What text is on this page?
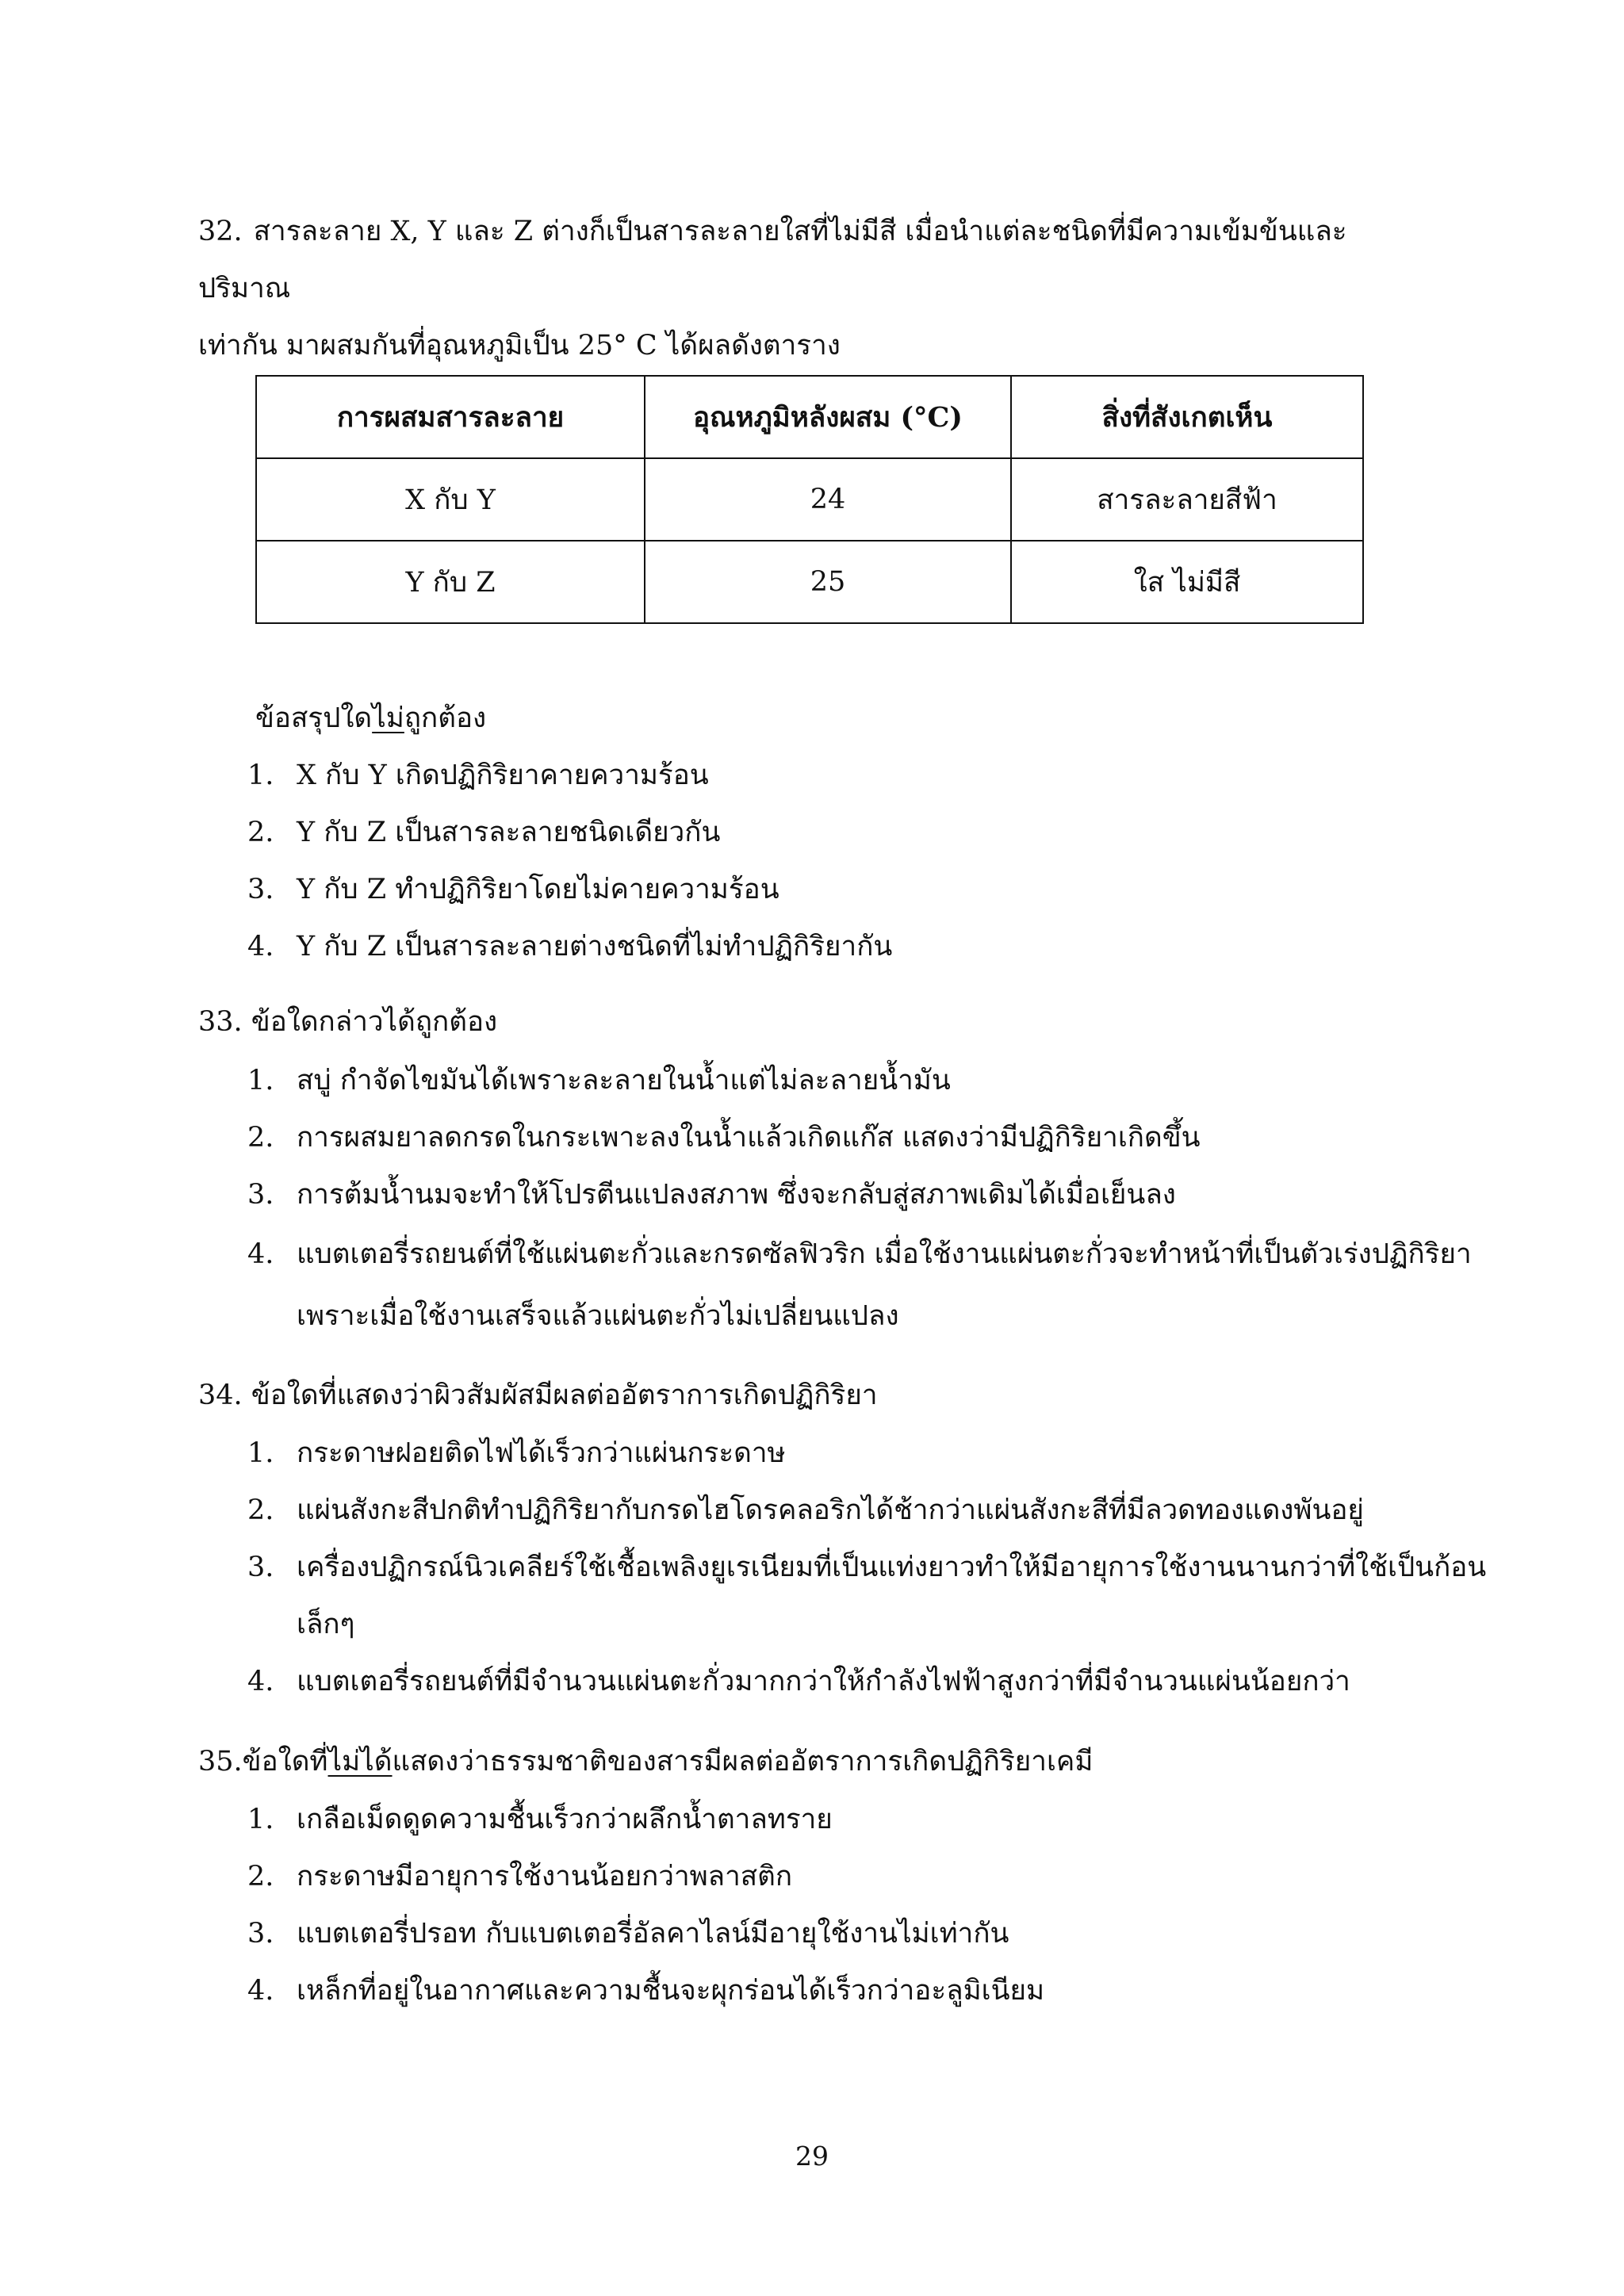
32. สารละลาย X, Y และ Z ต่างก็เป็นสารละลายใสที่ไม่มีสี เมื่อนำแต่ละชนิดที่มีความเข้มข้นและปริมาณ
เท่ากัน มาผสมกันที่อุณหภูมิเป็น 25° C ได้ผลดังตาราง
การผสมสารละลาย	อุณหภูมิหลังผสม (°C)	สิ่งที่สังเกตเห็น
X กับ Y	24	สารละลายสีฟ้า
Y กับ Z	25	ใส ไม่มีสี
ข้อสรุปใดไม่ถูกต้อง
1. X กับ Y เกิดปฏิกิริยาคายความร้อน
2. Y กับ Z เป็นสารละลายชนิดเดียวกัน
3. Y กับ Z ทำปฏิกิริยาโดยไม่คายความร้อน
4. Y กับ Z เป็นสารละลายต่างชนิดที่ไม่ทำปฏิกิริยากัน
33. ข้อใดกล่าวได้ถูกต้อง
1. สบู่ กำจัดไขมันได้เพราะละลายในน้ำแต่ไม่ละลายน้ำมัน
2. การผสมยาลดกรดในกระเพาะลงในน้ำแล้วเกิดแก๊ส แสดงว่ามีปฏิกิริยาเกิดขึ้น
3. การต้มน้ำนมจะทำให้โปรตีนแปลงสภาพ ซึ่งจะกลับสู่สภาพเดิมได้เมื่อเย็นลง
4. แบตเตอรี่รถยนต์ที่ใช้แผ่นตะกั่วและกรดซัลฟิวริก เมื่อใช้งานแผ่นตะกั่วจะทำหน้าที่เป็นตัวเร่งปฏิกิริยาเพราะเมื่อใช้งานเสร็จแล้วแผ่นตะกั่วไม่เปลี่ยนแปลง
34. ข้อใดที่แสดงว่าผิวสัมผัสมีผลต่ออัตราการเกิดปฏิกิริยา
1. กระดาษฝอยติดไฟได้เร็วกว่าแผ่นกระดาษ
2. แผ่นสังกะสีปกติทำปฏิกิริยากับกรดไฮโดรคลอริกได้ช้ากว่าแผ่นสังกะสีที่มีลวดทองแดงพันอยู่
3. เครื่องปฏิกรณ์นิวเคลียร์ใช้เชื้อเพลิงยูเรเนียมที่เป็นแท่งยาวทำให้มีอายุการใช้งานนานกว่าที่ใช้เป็นก้อนเล็กๆ
4. แบตเตอรี่รถยนต์ที่มีจำนวนแผ่นตะกั่วมากกว่าให้กำลังไฟฟ้าสูงกว่าที่มีจำนวนแผ่นน้อยกว่า
35.ข้อใดที่ไม่ได้แสดงว่าธรรมชาติของสารมีผลต่ออัตราการเกิดปฏิกิริยาเคมี
1. เกลือเม็ดดูดความชื้นเร็วกว่าผลึกน้ำตาลทราย
2. กระดาษมีอายุการใช้งานน้อยกว่าพลาสติก
3. แบตเตอรี่ปรอท กับแบตเตอรี่อัลคาไลน์มีอายุใช้งานไม่เท่ากัน
4. เหล็กที่อยู่ในอากาศและความชื้นจะผุกร่อนได้เร็วกว่าอะลูมิเนียม
29
